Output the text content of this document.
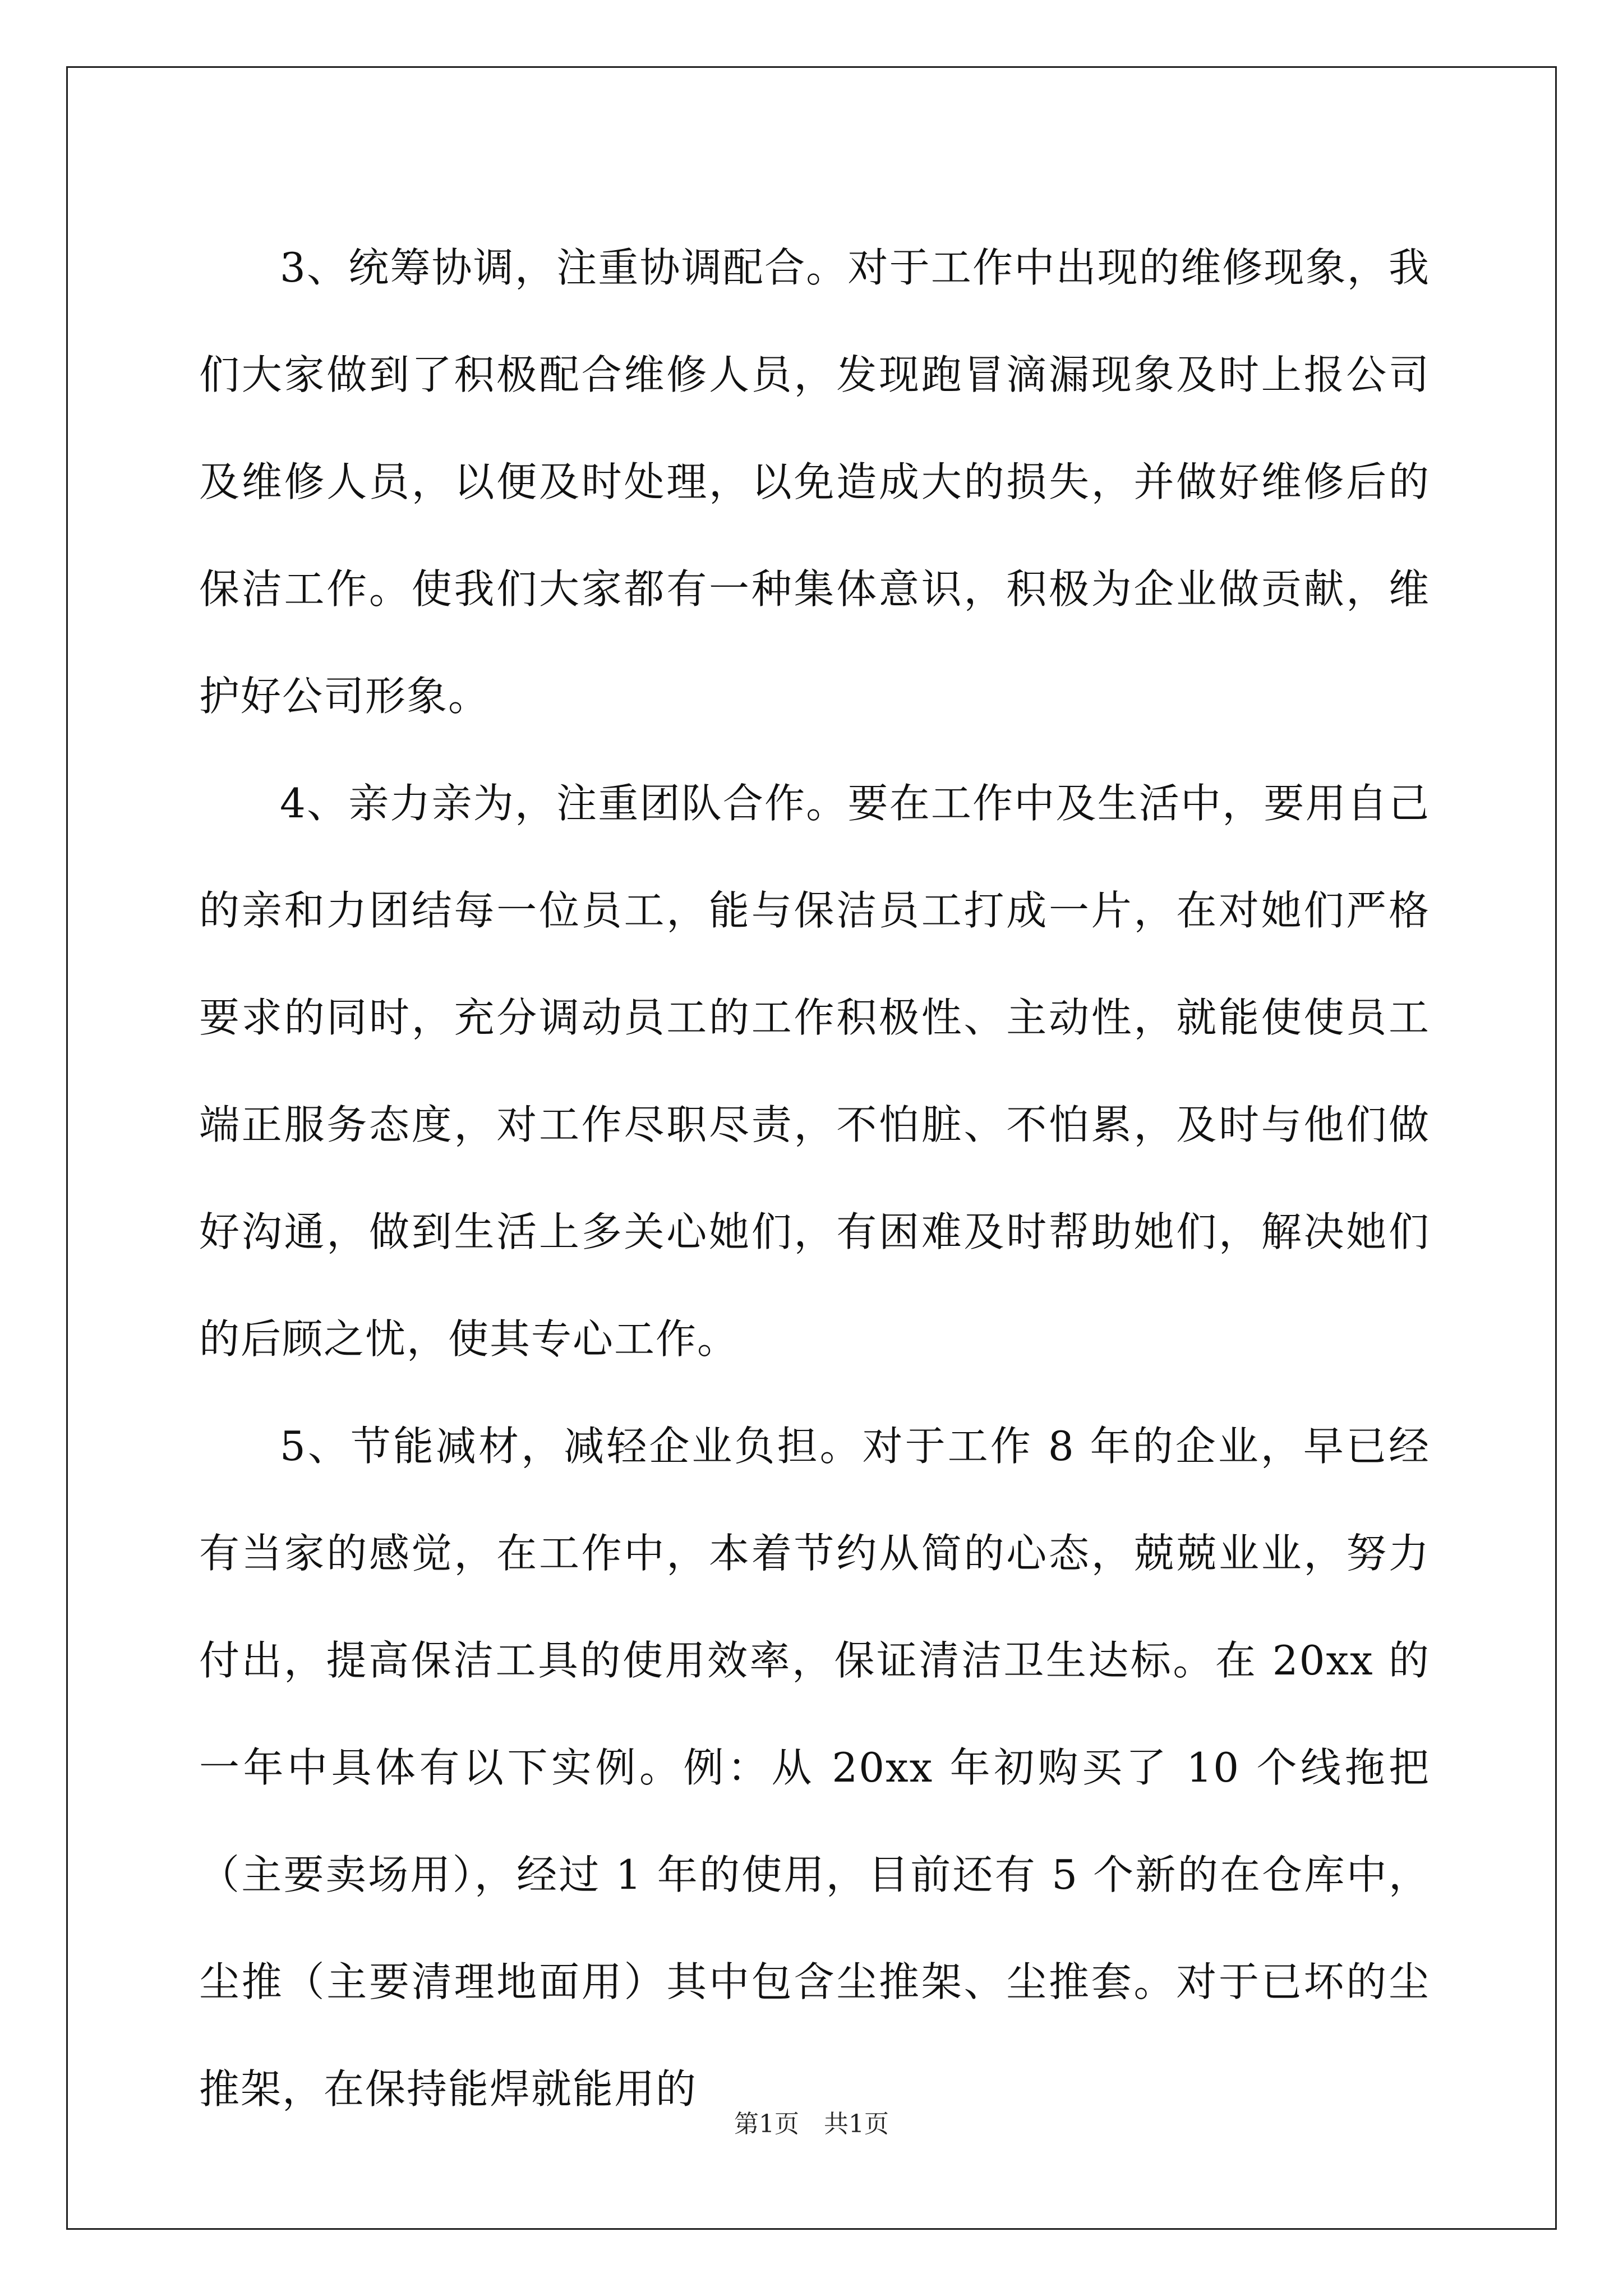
3、统筹协调，注重协调配合。对于工作中出现的维修现象，我们大家做到了积极配合维修人员，发现跑冒滴漏现象及时上报公司及维修人员，以便及时处理，以免造成大的损失，并做好维修后的保洁工作。使我们大家都有一种集体意识，积极为企业做贡献，维护好公司形象。

4、亲力亲为，注重团队合作。要在工作中及生活中，要用自己的亲和力团结每一位员工，能与保洁员工打成一片，在对她们严格要求的同时，充分调动员工的工作积极性、主动性，就能使使员工端正服务态度，对工作尽职尽责，不怕脏、不怕累，及时与他们做好沟通，做到生活上多关心她们，有困难及时帮助她们，解决她们的后顾之忧，使其专心工作。

5、节能减材，减轻企业负担。对于工作 8 年的企业，早已经有当家的感觉，在工作中，本着节约从简的心态，兢兢业业，努力付出，提高保洁工具的使用效率，保证清洁卫生达标。在 20xx 的一年中具体有以下实例。例：从 20xx 年初购买了 10 个线拖把（主要卖场用），经过 1 年的使用，目前还有 5 个新的在仓库中，尘推（主要清理地面用）其中包含尘推架、尘推套。对于已坏的尘推架，在保持能焊就能用的

第1页　共1页
